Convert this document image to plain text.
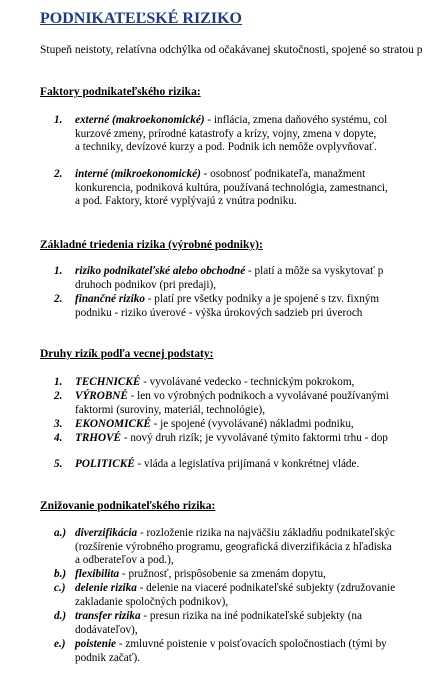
PODNIKATEĽSKÉ RIZIKO
Stupeň neistoty, relatívna odchýlka od očakávanej skutočnosti, spojené so stratou p
Faktory podnikateľského rizika:
1. externé (makroekonomické) - inflácia, zmena daňového systému, col
kurzové zmeny, prírodné katastrofy a krízy, vojny, zmena v dopyte,
a techniky, devízové kurzy a pod. Podnik ich nemôže ovplyvňovať.
2. interné (mikroekonomické) - osobnosť podnikateľa, manažment
konkurencia, podniková kultúra, používaná technológia, zamestnanci,
a pod. Faktory, ktoré vyplývajú z vnútra podniku.
Základné triedenia rizika (výrobné podniky):
1. riziko podnikateľské alebo obchodné - platí a môže sa vyskytovať p
druhoch podnikov (pri predaji),
2. finančné riziko - platí pre všetky podniky a je spojené s tzv. fixným
podniku - riziko úverové - výška úrokových sadzieb pri úveroch
Druhy rizík podľa vecnej podstaty:
1. TECHNICKÉ - vyvolávané vedecko - technickým pokrokom,
2. VÝROBNÉ - len vo výrobných podnikoch a vyvolávané používanými
faktormi (suroviny, materiál, technológie),
3. EKONOMICKÉ - je spojené (vyvolávané) nákladmi podniku,
4. TRHOVÉ - nový druh rizík; je vyvolávané týmito faktormi trhu - dop
5. POLITICKÉ - vláda a legislatíva prijímaná v konkrétnej vláde.
Znižovanie podnikateľského rizika:
a.) diverzifikácia - rozloženie rizika na najväčšiu základňu podnikateľskýc
(rozšírenie výrobného programu, geografická diverzifikácia z hľadiska
a odberateľov a pod.),
b.) flexibilita - pružnosť, prispôsobenie sa zmenám dopytu,
c.) delenie rizika - delenie na viaceré podnikateľské subjekty (združovanie
zakladanie spoločných podnikov),
d.) transfer rizika - presun rizika na iné podnikateľské subjekty (na
dodávateľov),
e.) poistenie - zmluvné poistenie v poisťovacích spoločnostiach (tými by
podnik začať).
